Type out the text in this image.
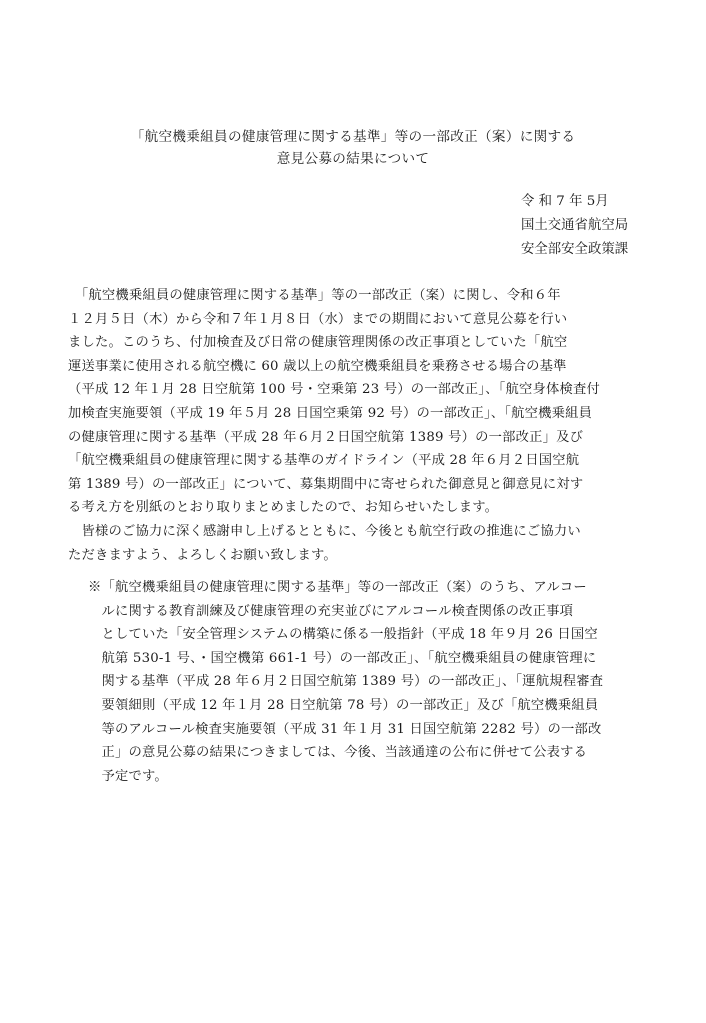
「航空機乗組員の健康管理に関する基準」等の一部改正（案）に関する
意見公募の結果について
令 和 7 年 5月
国土交通省航空局
安全部安全政策課
　「航空機乗組員の健康管理に関する基準」等の一部改正（案）に関し、令和６年
１２月５日（木）から令和７年１月８日（水）までの期間において意見公募を行い
ました。このうち、付加検査及び日常の健康管理関係の改正事項としていた「航空
運送事業に使用される航空機に 60 歳以上の航空機乗組員を乗務させる場合の基準
（平成 12 年１月 28 日空航第 100 号・空乗第 23 号）の一部改正」、「航空身体検査付
加検査実施要領（平成 19 年５月 28 日国空乗第 92 号）の一部改正」、「航空機乗組員
の健康管理に関する基準（平成 28 年６月２日国空航第 1389 号）の一部改正」及び
「航空機乗組員の健康管理に関する基準のガイドライン（平成 28 年６月２日国空航
第 1389 号）の一部改正」について、募集期間中に寄せられた御意見と御意見に対す
る考え方を別紙のとおり取りまとめましたので、お知らせいたします。
　皆様のご協力に深く感謝申し上げるとともに、今後とも航空行政の推進にご協力い
ただきますよう、よろしくお願い致します。
※「航空機乗組員の健康管理に関する基準」等の一部改正（案）のうち、アルコー
　ルに関する教育訓練及び健康管理の充実並びにアルコール検査関係の改正事項
　としていた「安全管理システムの構築に係る一般指針（平成 18 年９月 26 日国空
　航第 530-1 号、・国空機第 661-1 号）の一部改正」、「航空機乗組員の健康管理に
　関する基準（平成 28 年６月２日国空航第 1389 号）の一部改正」、「運航規程審査
　要領細則（平成 12 年１月 28 日空航第 78 号）の一部改正」及び「航空機乗組員
　等のアルコール検査実施要領（平成 31 年１月 31 日国空航第 2282 号）の一部改
　正」の意見公募の結果につきましては、今後、当該通達の公布に併せて公表する
　予定です。
